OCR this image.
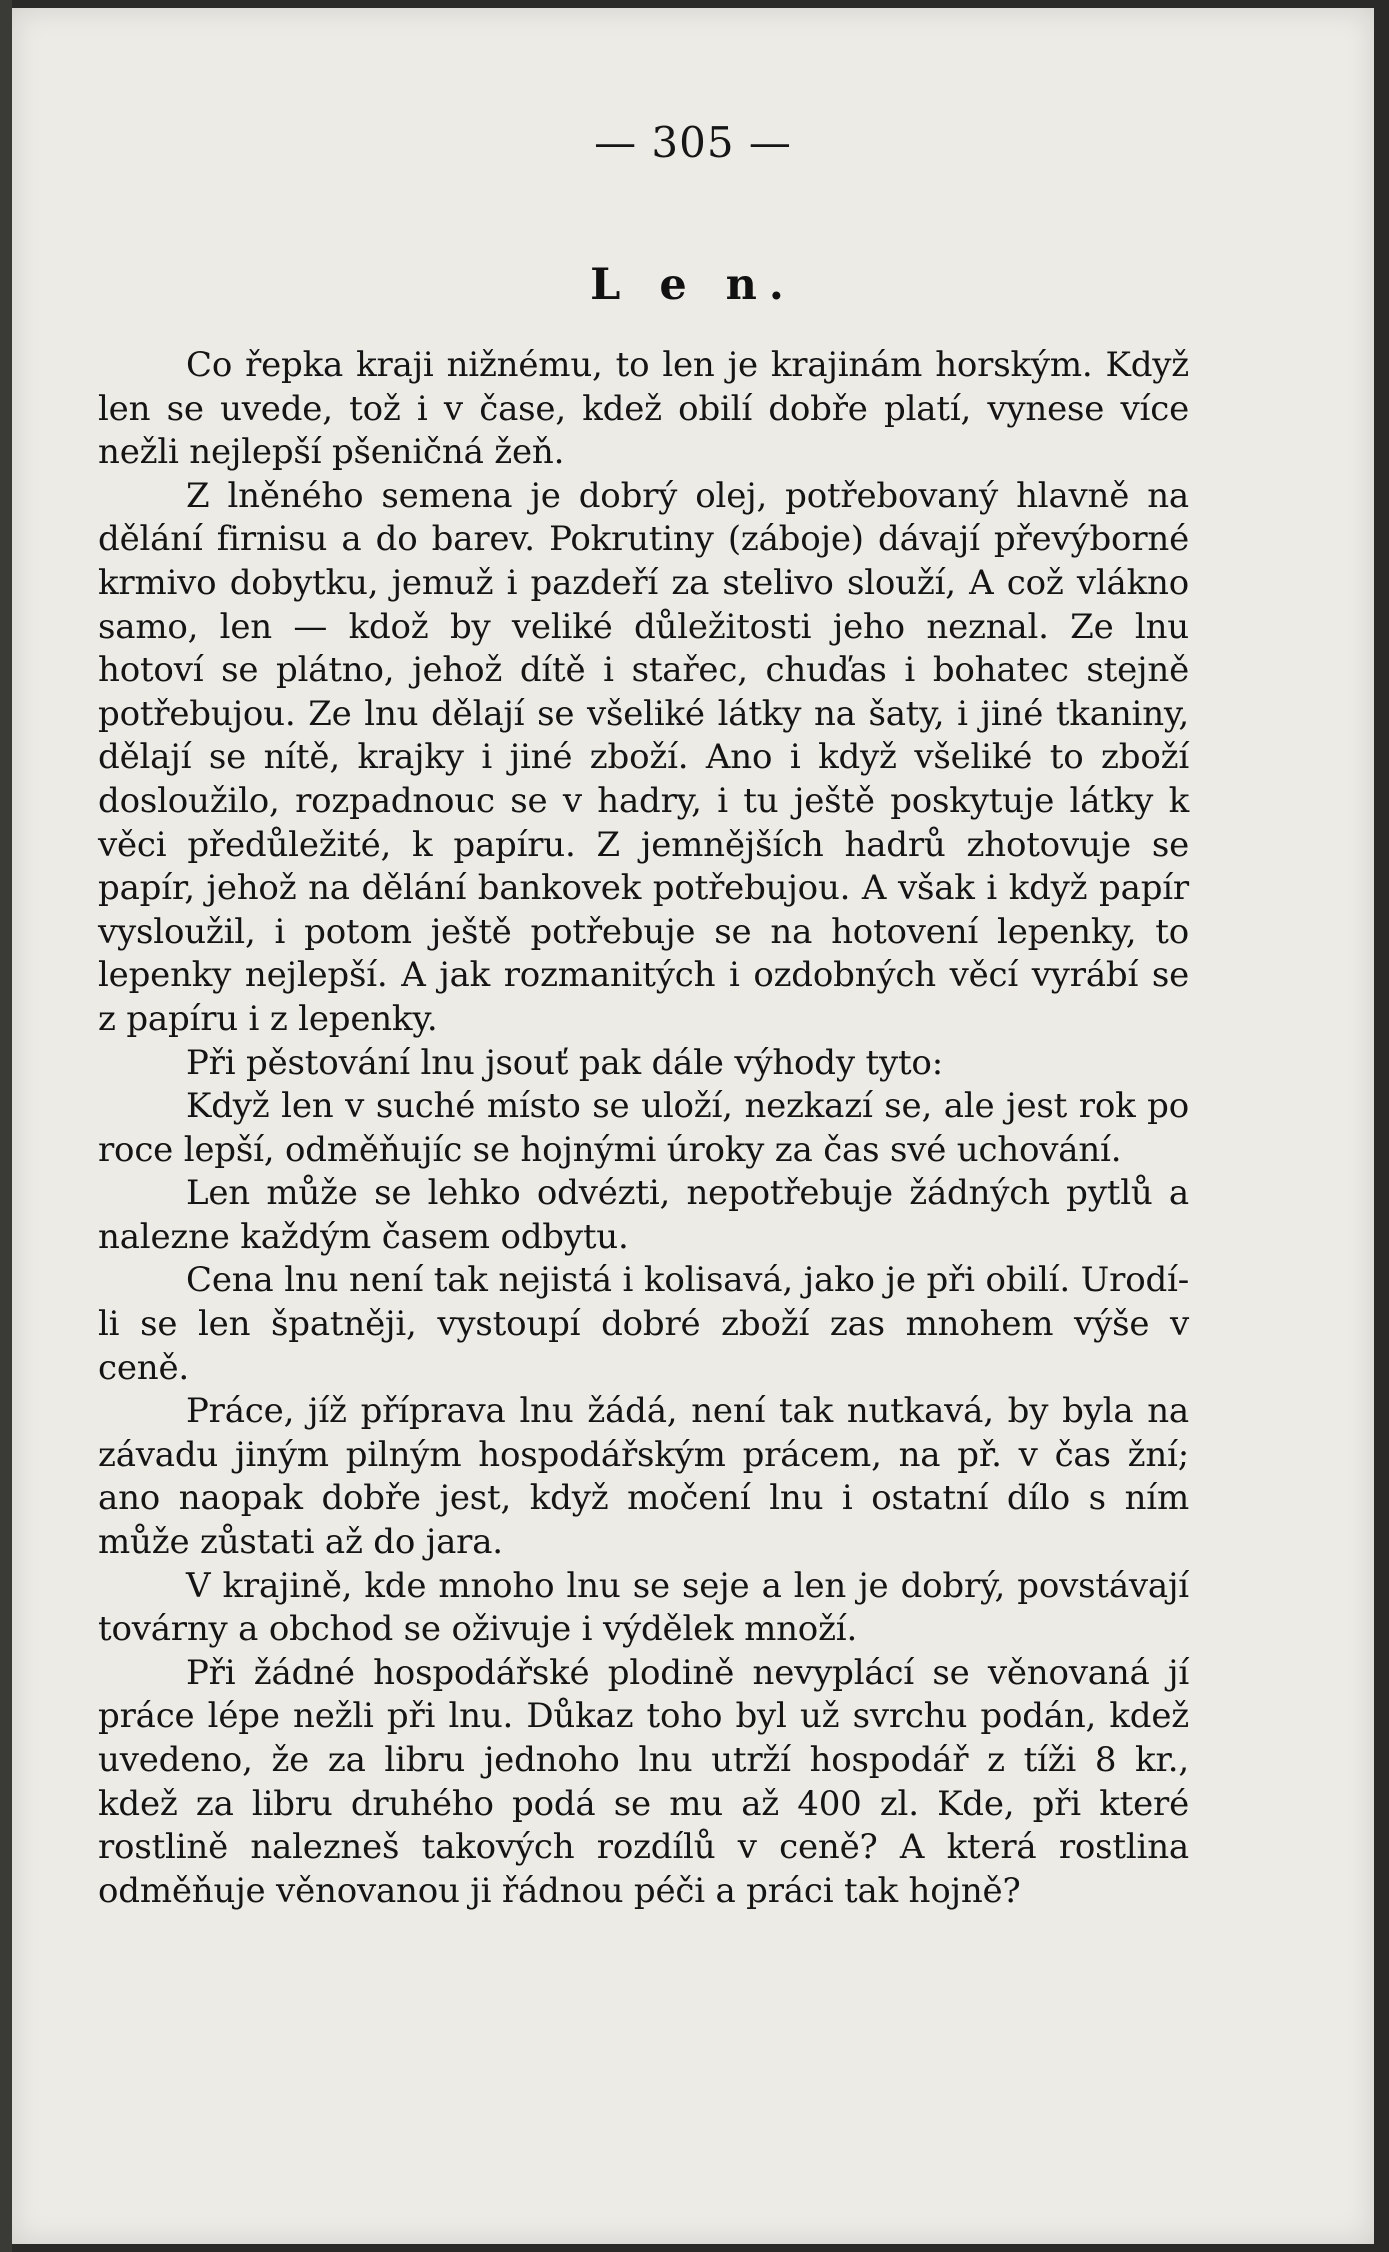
— 305 —
L e n.

Co řepka kraji nižnému, to len je krajinám horským. Když len se uvede, tož i v čase, kdež obilí dobře platí, vynese více nežli nejlepší pšeničná žeň.

Z lněného semena je dobrý olej, potřebovaný hlavně na dělání firnisu a do barev. Pokrutiny (záboje) dávají převýborné krmivo dobytku, jemuž i pazdeří za stelivo slouží, A což vlákno samo, len — kdož by veliké důležitosti jeho neznal. Ze lnu hotoví se plátno, jehož dítě i stařec, chuďas i bohatec stejně potřebujou. Ze lnu dělají se všeliké látky na šaty, i jiné tkaniny, dělají se nítě, krajky i jiné zboží. Ano i když všeliké to zboží dosloužilo, rozpadnouc se v hadry, i tu ještě poskytuje látky k věci předůležité, k papíru. Z jemnějších hadrů zhotovuje se papír, jehož na dělání bankovek potřebujou. A však i když papír vysloužil, i potom ještě potřebuje se na hotovení lepenky, to lepenky nejlepší. A jak rozmanitých i ozdobných věcí vyrábí se z papíru i z lepenky.

Při pěstování lnu jsouť pak dále výhody tyto:

Když len v suché místo se uloží, nezkazí se, ale jest rok po roce lepší, odměňujíc se hojnými úroky za čas své uchování.

Len může se lehko odvézti, nepotřebuje žádných pytlů a nalezne každým časem odbytu.

Cena lnu není tak nejistá i kolisavá, jako je při obilí. Urodí-li se len špatněji, vystoupí dobré zboží zas mnohem výše v ceně.

Práce, jíž příprava lnu žádá, není tak nutkavá, by byla na závadu jiným pilným hospodářským prácem, na př. v čas žní; ano naopak dobře jest, když močení lnu i ostatní dílo s ním může zůstati až do jara.

V krajině, kde mnoho lnu se seje a len je dobrý, povstávají továrny a obchod se oživuje i výdělek množí.

Při žádné hospodářské plodině nevyplácí se věnovaná jí práce lépe nežli při lnu. Důkaz toho byl už svrchu podán, kdež uvedeno, že za libru jednoho lnu utrží hospodář z tíži 8 kr., kdež za libru druhého podá se mu až 400 zl. Kde, při které rostlině nalezneš takových rozdílů v ceně? A která rostlina odměňuje věnovanou ji řádnou péči a práci tak hojně?
